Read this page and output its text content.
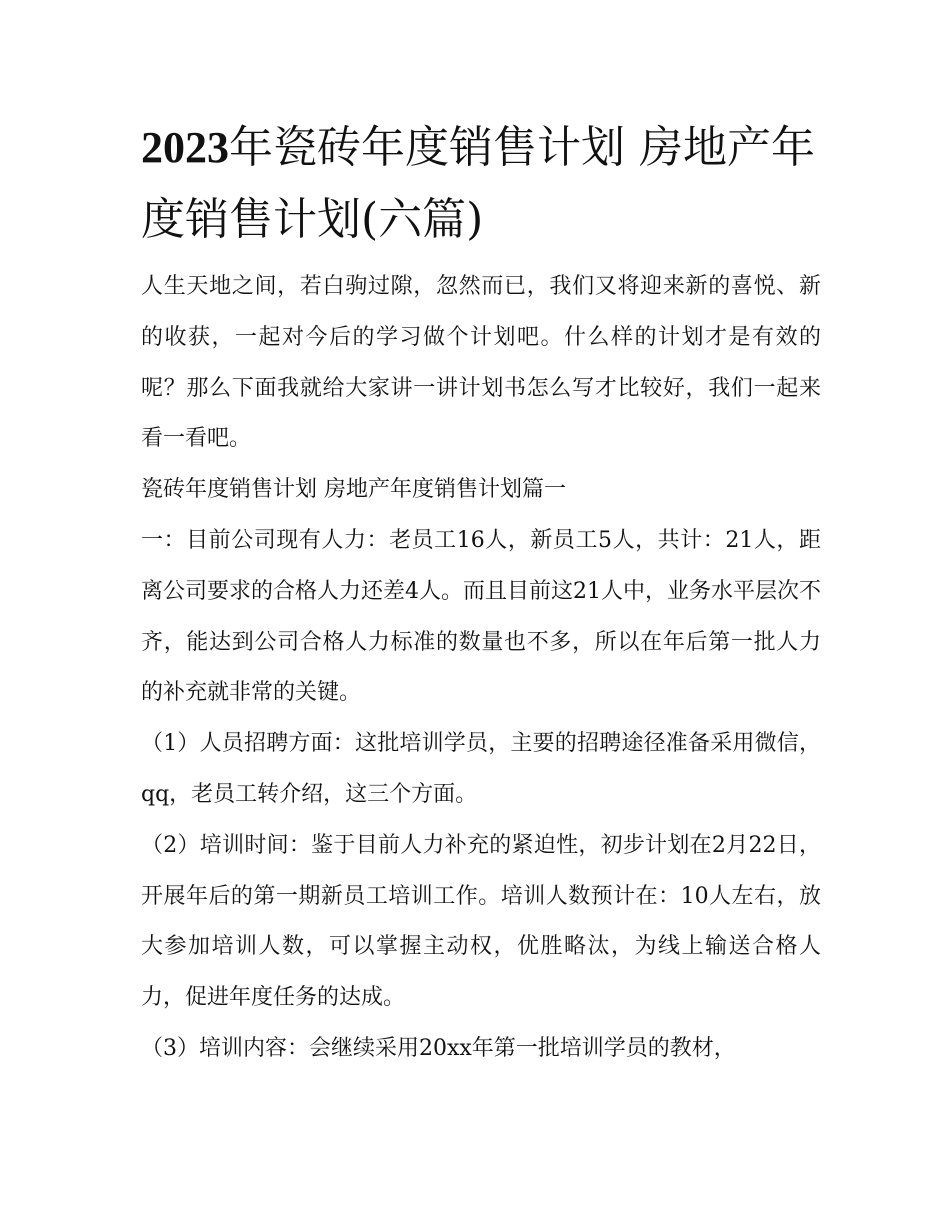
2023年瓷砖年度销售计划 房地产年度销售计划(六篇)

人生天地之间，若白驹过隙，忽然而已，我们又将迎来新的喜悦、新的收获，一起对今后的学习做个计划吧。什么样的计划才是有效的呢？那么下面我就给大家讲一讲计划书怎么写才比较好，我们一起来看一看吧。

瓷砖年度销售计划 房地产年度销售计划篇一

一：目前公司现有人力：老员工16人，新员工5人，共计：21人，距离公司要求的合格人力还差4人。而且目前这21人中，业务水平层次不齐，能达到公司合格人力标准的数量也不多，所以在年后第一批人力的补充就非常的关键。

（1）人员招聘方面：这批培训学员，主要的招聘途径准备采用微信，qq，老员工转介绍，这三个方面。

（2）培训时间：鉴于目前人力补充的紧迫性，初步计划在2月22日，开展年后的第一期新员工培训工作。培训人数预计在：10人左右，放大参加培训人数，可以掌握主动权，优胜略汰，为线上输送合格人力，促进年度任务的达成。

（3）培训内容：会继续采用20xx年第一批培训学员的教材，
